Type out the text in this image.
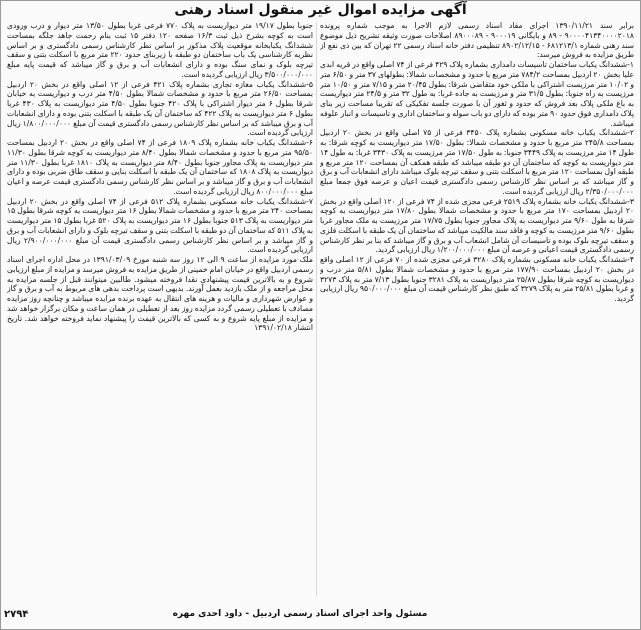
آگهی مزایده اموال غیر منقول اسناد رهنی

برابر سند ۱۳۹۰/۱۱/۲۱ اجرای مفاد اسناد رسمی لازم الاجرا به موجب شماره پرونده ۹۰۰۰۰۴۱۳۴۰۰۰۰۲۰۱۸ - ۸۹ و بایگانی ۹۰۰۰۱۹ - ۸۹۰۰۰۸۹ اصلاحات صورت وثیقه تشریح ذیل موضوع سند رهنی شماره ۶۸۱۲۱۳/۱ - ۸۹۰۲/۱۲/۱۵ تنظیمی دفتر خانه اسناد رسمی ۲۲ تهران که بین ذی نفع از طریق مزایده به فروش میرسد:

۱-ششدانگ یکباب ساختمان تاسیسات دامداری بشماره پلاک ۴۲۹ فرعی از ۷۴ اصلی واقع در قریه ابدی علیا بخش ۲۰ اردبیل بمساحت ۷۸۴/۲ متر مربع با حدود و مشخصات شمالا: بطولهای ۳۷ متر و ۶/۵۰ متر و ۱۰/۰۲ متر مرزیست اشتراکی با ملکی خود متقاضی شرقا: بطول ۲۰/۴۵ متر و ۷/۱۵ متر و ۱۰/۵۰ متر مرزیست به راه جنوبا: بطول ۳۱/۵ متر و مرزیست به جاده غربا: به طول ۳۲ متر و ۲۴/۵ متر دیواریست به باغ ملکی پلاک بعد فروش که حدود و ثغور آن با صورت جلسه تفکیکی که تقریبا مساحت زیر بنای پلاک دامداری فوق حدود ۹۰ متر بوده که دارای دو باب سوله و ساختمان اداری و تاسیسات و انبار علوفه میباشد.

۲-ششدانگ یکباب خانه مسکونی بشماره پلاک ۳۴۵۰ فرعی از ۷۵ اصلی واقع در بخش ۲۰ اردبیل بمساحت ۲۴۵/۸ متر مربع با حدود و مشخصات شمالا: بطول ۱۷/۵۰ متر دیواریست به کوچه شرقا: به طول ۱۴ متر مرزیست به پلاک ۳۴۴۹ جنوبا: به طول ۱۷/۵۰ متر مرزیست به پلاک ۳۴۳۰ غربا: به طول ۱۴ متر دیواریست به کوچه که ساختمان آن دو طبقه میباشد که طبقه همکف آن بمساحت ۱۲۰ متر مربع و طبقه اول بمساحت ۱۲۰ متر مربع با اسکلت بتنی و سقف تیرچه بلوک میباشد دارای انشعابات آب و برق و گاز میباشد که بر اساس نظر کارشناس رسمی دادگستری قیمت اعیان و عرصه فوق جمعا مبلغ ۲/۳۵۰/۰۰۰/۰۰۰ ریال ارزیابی گردیده است.

۳-ششدانگ یکباب خانه بشماره پلاک ۲۵۱۹ فرعی مجزی شده از ۷۴ فرعی از ۱۲۰ اصلی واقع در بخش ۲۰ اردبیل بمساحت ۱۷۰ متر مربع با حدود و مشخصات شمالا بطول ۱۷/۸۰ متر دیواریست به کوچه شرقا به طول ۹/۶۰ متر دیواریست به پلاک مجاور جنوبا بطول ۱۷/۷۵ متر مرزیست به ملک مجاور غربا بطول ۹/۶۰ متر مرزیست به کوچه و فاقد سند مالکیت میباشد که ساختمان آن یک طبقه با اسکلت فلزی و سقف تیرچه بلوک بوده و تاسیسات آن شامل انشعاب آب و برق و گاز میباشد که بنا بر نظر کارشناس رسمی دادگستری قیمت اعیانی و عرصه آن مبلغ ۱/۲۰۰/۰۰۰/۰۰۰ ریال ارزیابی گردید.

۴-ششدانگ یکباب خانه مسکونی بشماره پلاک ۳۲۸۰ فرعی مجزی شده از ۷۰ فرعی از ۱۲ اصلی واقع در بخش ۲۰ اردبیل بمساحت ۱۷۷/۹۰ متر مربع با حدود و مشخصات شمالا بطول ۵/۸۱ متر درب و دیواریست به کوچه شرقا بطول ۲۵/۸۷ متر دیواریست به پلاک ۳۲۸۱ جنوبا بطول ۷/۱۳ متر به پلاک ۳۲۷۳ و غربا بطول ۲۵/۸۱ متر به پلاک ۳۲۷۹ که طبق نظر کارشناس قیمت آن مبلغ ۹۵۰/۰۰۰/۰۰۰ ریال ارزیابی گردید.

جنوبا بطول ۱۹/۱۷ متر دیواریست به پلاک ۷۷۰ فرعی غربا بطول ۱۳/۵۰ متر دیوار و درب ورودی است به کوچه بشرح ذیل ثبت ۱۶/۳ صفحه ۱۲۰ دفتر ۱۵ ثبت بنام رحمت جاهد جلگه بمساحت ششدانگ یکبابخانه موقعیت پلاک مذکور بر اساس نظر کارشناس رسمی دادگستری و بر اساس نظریه کارشناسی یک باب ساختمان دو طبقه با زیربنای حدود ۲۲۰ متر مربع با اسکلت بتنی و سقف تیرچه بلوک و نمای سنگ بوده و دارای انشعابات آب و برق و گاز میباشد که قیمت پایه مبلغ ۳/۵۰۰/۰۰۰/۰۰۰ ریال ارزیابی گردیده است.

۵-ششدانگ یکباب مغازه تجاری بشماره پلاک ۴۲۱ فرعی از ۱۲ اصلی واقع در بخش ۲۰ اردبیل بمساحت ۲۶/۵۰ متر مربع با حدود و مشخصات شمالا بطول ۴/۵۰ متر درب و دیواریست به خیابان شرقا بطول ۶ متر دیوار اشتراکی با پلاک ۴۲۰ جنوبا بطول ۴/۵۰ متر دیواریست به پلاک ۴۳۰ غربا بطول ۶ متر دیواریست به پلاک ۴۲۲ که ساختمان آن یک طبقه با اسکلت بتنی بوده و دارای انشعابات آب و برق میباشد که بر اساس نظر کارشناس رسمی دادگستری قیمت آن مبلغ ۱/۸۰۰/۰۰۰/۰۰۰ ریال ارزیابی گردیده است.

۶-ششدانگ یکباب خانه بشماره پلاک ۱۸۰۹ فرعی از ۷۴ اصلی واقع در بخش ۲۰ اردبیل بمساحت ۹۵/۵۰ متر مربع با حدود و مشخصات شمالا بطول ۸/۴۰ متر دیواریست به کوچه شرقا بطول ۱۱/۳۰ متر دیواریست به پلاک مجاور جنوبا بطول ۸/۴۰ متر دیواریست به پلاک ۱۸۱۰ غربا بطول ۱۱/۳۰ متر دیواریست به پلاک ۱۸۰۸ که ساختمان آن یک طبقه با اسکلت بنایی و سقف طاق ضربی بوده و دارای انشعابات آب و برق و گاز میباشد و بر اساس نظر کارشناس رسمی دادگستری قیمت عرصه و اعیان مبلغ ۸۰۰/۰۰۰/۰۰۰ ریال ارزیابی گردیده است.

۷-ششدانگ یکباب خانه مسکونی بشماره پلاک ۵۱۲ فرعی از ۷۴ اصلی واقع در بخش ۲۰ اردبیل بمساحت ۲۴۰ متر مربع با حدود و مشخصات شمالا بطول ۱۶ متر دیواریست به کوچه شرقا بطول ۱۵ متر دیواریست به پلاک ۵۱۳ جنوبا بطول ۱۶ متر دیواریست به پلاک ۵۲۰ غربا بطول ۱۵ متر دیواریست به پلاک ۵۱۱ که ساختمان آن دو طبقه با اسکلت بتنی و سقف تیرچه بلوک و دارای انشعابات آب و برق و گاز میباشد و بر اساس نظر کارشناس رسمی دادگستری قیمت آن مبلغ ۲/۹۰۰/۰۰۰/۰۰۰ ریال ارزیابی گردیده است.

ملک مورد مزایده از ساعت ۹ الی ۱۲ روز سه شنبه مورخ ۱۳۹۱/۰۳/۰۹ در محل اداره اجرای اسناد رسمی اردبیل واقع در خیابان امام خمینی از طریق مزایده به فروش میرسد و مزایده از مبلغ ارزیابی شروع و به بالاترین قیمت پیشنهادی نقدا فروخته میشود. طالبین میتوانند قبل از جلسه مزایده به محل مراجعه و از ملک بازدید بعمل آورند. بدیهی است پرداخت بدهی های مربوط به آب و برق و گاز و عوارض شهرداری و مالیات و هزینه های انتقال به عهده برنده مزایده میباشد و چنانچه روز مزایده مصادف با تعطیلی رسمی گردد مزایده روز بعد از تعطیلی در همان ساعت و مکان برگزار خواهد شد و مزایده از مبلغ پایه شروع و به کسی که بالاترین قیمت را پیشنهاد نماید فروخته خواهد شد. تاریخ انتشار ۱۳۹۱/۰۲/۱۸

مسئول واحد اجرای اسناد رسمی اردبیل - داود احدی مهره
۲۷۹۴
